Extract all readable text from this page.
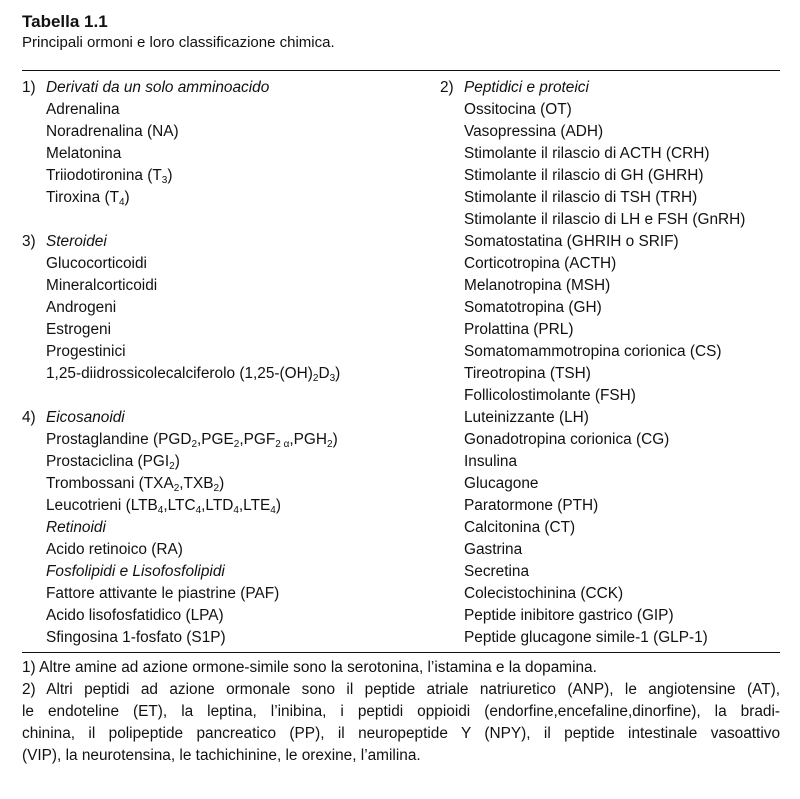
Tabella 1.1
Principali ormoni e loro classificazione chimica.
1) Derivati da un solo amminoacido
Adrenalina
Noradrenalina (NA)
Melatonina
Triiodotironina $(T_3)$
Tiroxina $(T_4)$
3) Steroidei
Glucocorticoidi
Mineralcorticoidi
Androgeni
Estrogeni
Progestinici
1,25-diidrossicolecalciferolo $(1,25-(OH)_2D_3)$
4) Eicosanoidi
Prostaglandine $(PGD_2,PGE_2,PGF_{2 \alpha},PGH_2)$
Prostaciclina $(PGI_2)$
Trombossani $(TXA_2,TXB_2)$
Leucotrieni $(LTB_4,LTC_4,LTD_4,LTE_4)$
Retinoidi
Acido retinoico (RA)
Fosfolipidi e Lisofosfolipidi
Fattore attivante le piastrine (PAF)
Acido lisofosfatidico (LPA)
Sfingosina 1-fosfato (S1P)
2) Peptidici e proteici
Ossitocina (OT)
Vasopressina (ADH)
Stimolante il rilascio di ACTH (CRH)
Stimolante il rilascio di GH (GHRH)
Stimolante il rilascio di TSH (TRH)
Stimolante il rilascio di LH e FSH (GnRH)
Somatostatina (GHRIH o SRIF)
Corticotropina (ACTH)
Melanotropina (MSH)
Somatotropina (GH)
Prolattina (PRL)
Somatomammotropina corionica (CS)
Tireotropina (TSH)
Follicolostimolante (FSH)
Luteinizzante (LH)
Gonadotropina corionica (CG)
Insulina
Glucagone
Paratormone (PTH)
Calcitonina (CT)
Gastrina
Secretina
Colecistochinina (CCK)
Peptide inibitore gastrico (GIP)
Peptide glucagone simile-1 (GLP-1)
1) Altre amine ad azione ormone-simile sono la serotonina, l’istamina e la dopamina.
2) Altri peptidi ad azione ormonale sono il peptide atriale natriuretico (ANP), le angiotensine (AT),
le endoteline (ET), la leptina, l’inibina, i peptidi oppioidi (endorfine,encefaline,dinorfine), la bradi-
chinina, il polipeptide pancreatico (PP), il neuropeptide Y (NPY), il peptide intestinale vasoattivo
(VIP), la neurotensina, le tachichinine, le orexine, l’amilina.
